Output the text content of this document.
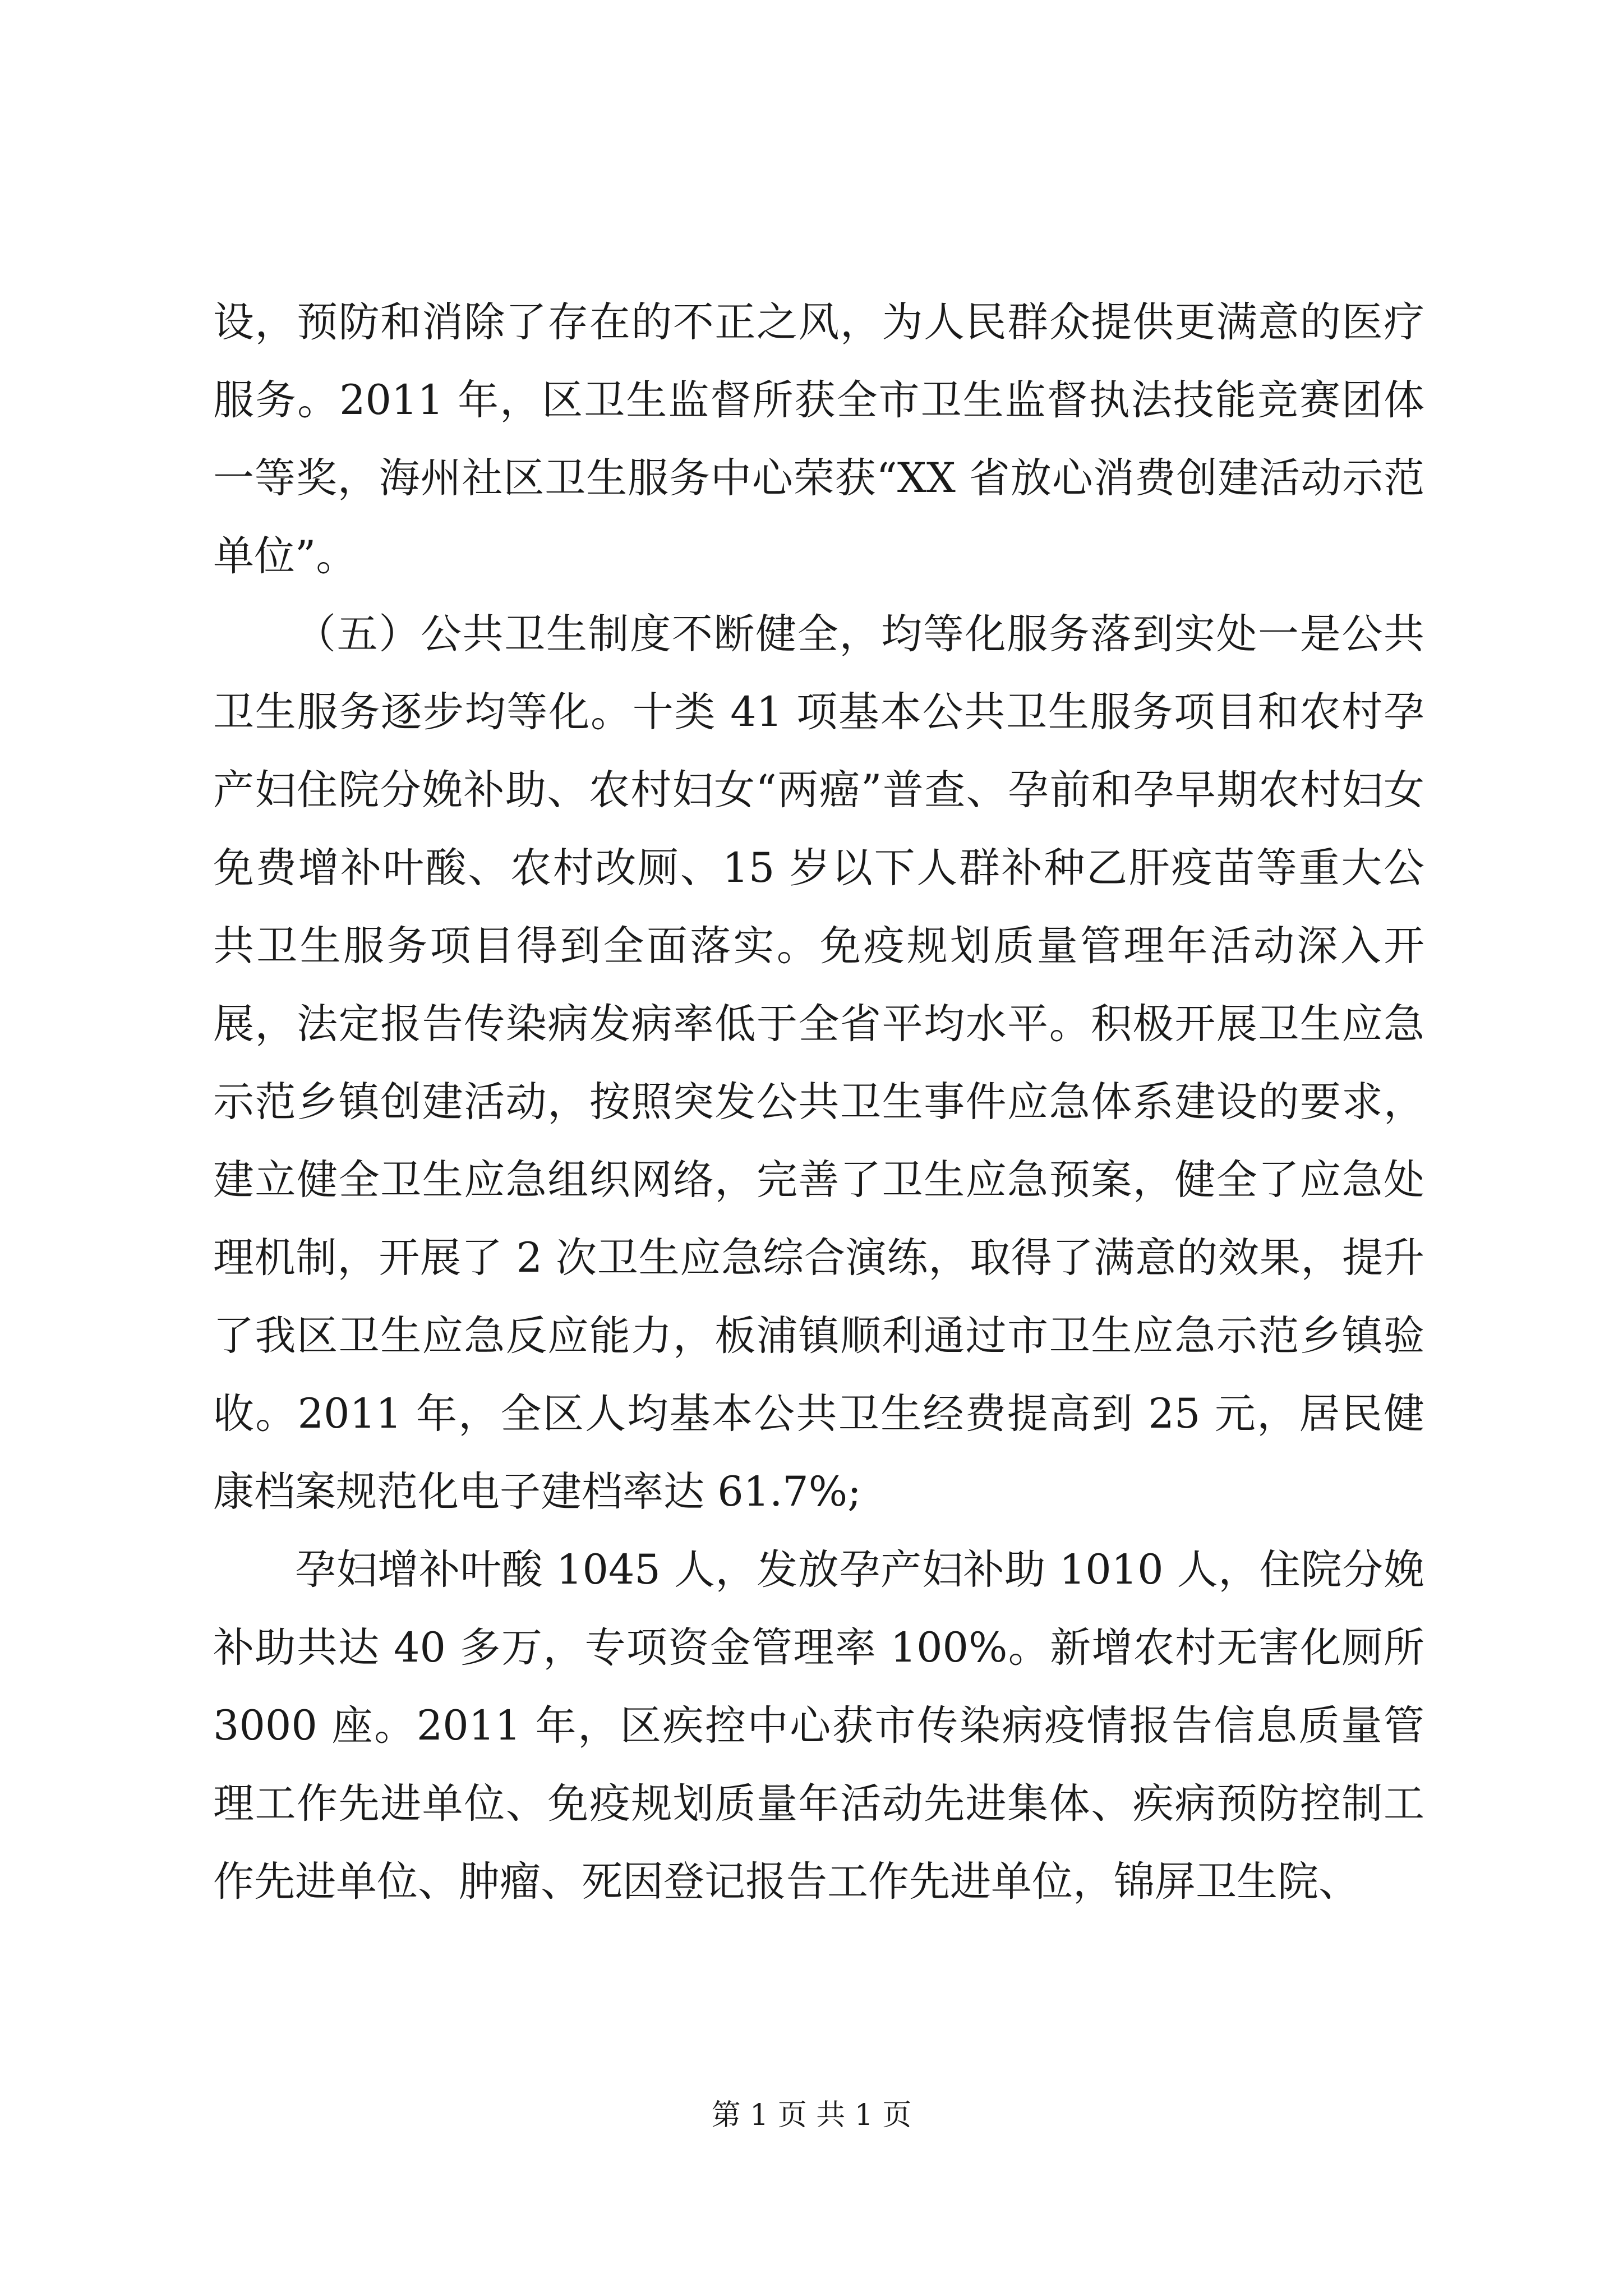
设，预防和消除了存在的不正之风，为人民群众提供更满意的医疗服务。2011 年，区卫生监督所获全市卫生监督执法技能竞赛团体一等奖，海州社区卫生服务中心荣获“XX 省放心消费创建活动示范单位”。

（五）公共卫生制度不断健全，均等化服务落到实处一是公共卫生服务逐步均等化。十类 41 项基本公共卫生服务项目和农村孕产妇住院分娩补助、农村妇女“两癌”普查、孕前和孕早期农村妇女免费增补叶酸、农村改厕、15 岁以下人群补种乙肝疫苗等重大公共卫生服务项目得到全面落实。免疫规划质量管理年活动深入开展，法定报告传染病发病率低于全省平均水平。积极开展卫生应急示范乡镇创建活动，按照突发公共卫生事件应急体系建设的要求，建立健全卫生应急组织网络，完善了卫生应急预案，健全了应急处理机制，开展了 2 次卫生应急综合演练，取得了满意的效果，提升了我区卫生应急反应能力，板浦镇顺利通过市卫生应急示范乡镇验收。2011 年，全区人均基本公共卫生经费提高到 25 元，居民健康档案规范化电子建档率达 61.7%;

孕妇增补叶酸 1045 人，发放孕产妇补助 1010 人，住院分娩补助共达 40 多万，专项资金管理率 100%。新增农村无害化厕所 3000 座。2011 年，区疾控中心获市传染病疫情报告信息质量管理工作先进单位、免疫规划质量年活动先进集体、疾病预防控制工作先进单位、肿瘤、死因登记报告工作先进单位，锦屏卫生院、

第 1 页 共 1 页
